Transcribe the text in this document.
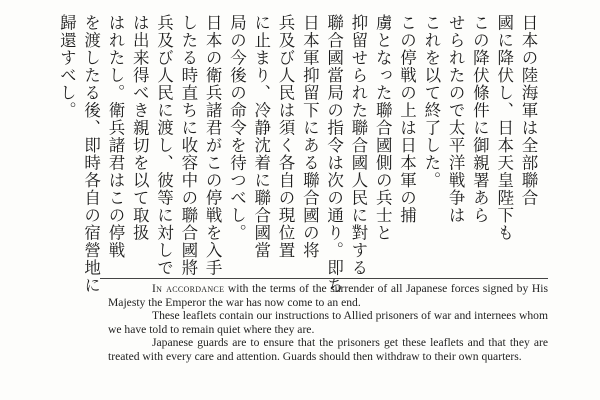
日本の陸海軍は全部聯合
國に降伏し、日本天皇陛下も
この降伏條件に御親署あら
せられたので太平洋戦争は
これを以て終了した。
この停戦の上は日本軍の捕
虜となった聯合國側の兵士と
抑留せられた聯合國人民に對する
聯合國當局の指令は次の通り。即ち
日本軍抑留下にある聯合國の将
兵及び人民は須く各自の現位置
に止まり、冷静沈着に聯合國當
局の今後の命令を待つべし。
日本の衛兵諸君がこの停戦を入手
したる時直ちに收容中の聯合國將
兵及び人民に渡し、彼等に対しで
は出来得べき親切を以て取扱
はれたし。衛兵諸君はこの停戦
を渡したる後、即時各自の宿營地に
歸還すべし。

In accordance with the terms of the surrender of all Japanese forces signed by His Majesty the Emperor the war has now come to an end.

These leaflets contain our instructions to Allied prisoners of war and internees whom we have told to remain quiet where they are.

Japanese guards are to ensure that the prisoners get these leaflets and that they are treated with every care and attention. Guards should then withdraw to their own quarters.
